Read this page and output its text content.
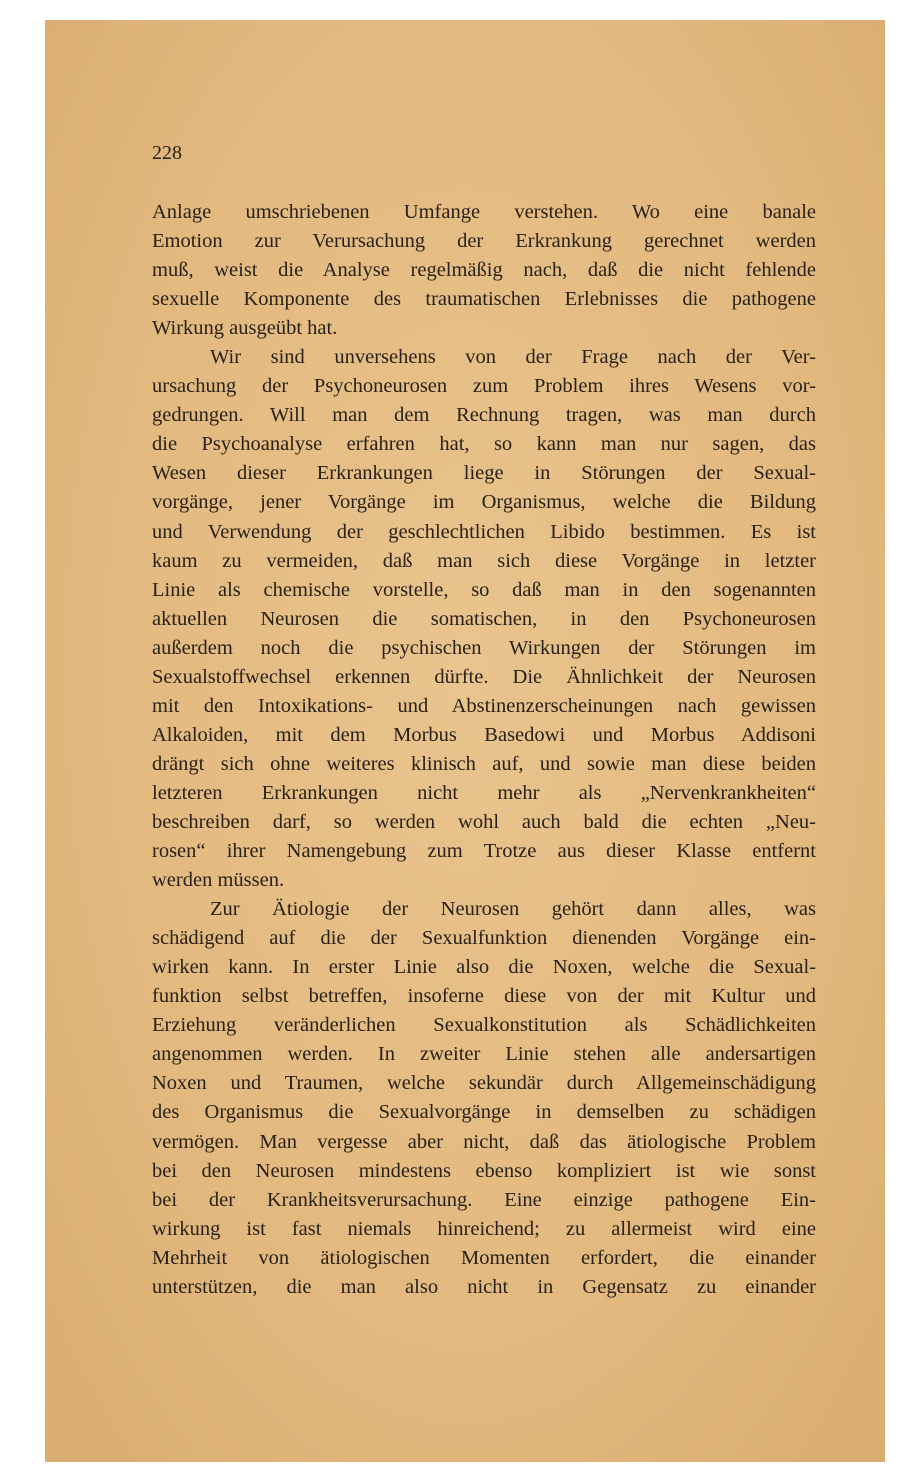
228
Anlage umschriebenen Umfange verstehen. Wo eine banale
Emotion zur Verursachung der Erkrankung gerechnet werden
muß, weist die Analyse regelmäßig nach, daß die nicht fehlende
sexuelle Komponente des traumatischen Erlebnisses die pathogene
Wirkung ausgeübt hat.
Wir sind unversehens von der Frage nach der Ver-
ursachung der Psychoneurosen zum Problem ihres Wesens vor-
gedrungen. Will man dem Rechnung tragen, was man durch
die Psychoanalyse erfahren hat, so kann man nur sagen, das
Wesen dieser Erkrankungen liege in Störungen der Sexual-
vorgänge, jener Vorgänge im Organismus, welche die Bildung
und Verwendung der geschlechtlichen Libido bestimmen. Es ist
kaum zu vermeiden, daß man sich diese Vorgänge in letzter
Linie als chemische vorstelle, so daß man in den sogenannten
aktuellen Neurosen die somatischen, in den Psychoneurosen
außerdem noch die psychischen Wirkungen der Störungen im
Sexualstoffwechsel erkennen dürfte. Die Ähnlichkeit der Neurosen
mit den Intoxikations- und Abstinenzerscheinungen nach gewissen
Alkaloiden, mit dem Morbus Basedowi und Morbus Addisoni
drängt sich ohne weiteres klinisch auf, und sowie man diese beiden
letzteren Erkrankungen nicht mehr als „Nervenkrankheiten“
beschreiben darf, so werden wohl auch bald die echten „Neu-
rosen“ ihrer Namengebung zum Trotze aus dieser Klasse entfernt
werden müssen.
Zur Ätiologie der Neurosen gehört dann alles, was
schädigend auf die der Sexualfunktion dienenden Vorgänge ein-
wirken kann. In erster Linie also die Noxen, welche die Sexual-
funktion selbst betreffen, insoferne diese von der mit Kultur und
Erziehung veränderlichen Sexualkonstitution als Schädlichkeiten
angenommen werden. In zweiter Linie stehen alle andersartigen
Noxen und Traumen, welche sekundär durch Allgemeinschädigung
des Organismus die Sexualvorgänge in demselben zu schädigen
vermögen. Man vergesse aber nicht, daß das ätiologische Problem
bei den Neurosen mindestens ebenso kompliziert ist wie sonst
bei der Krankheitsverursachung. Eine einzige pathogene Ein-
wirkung ist fast niemals hinreichend; zu allermeist wird eine
Mehrheit von ätiologischen Momenten erfordert, die einander
unterstützen, die man also nicht in Gegensatz zu einander
